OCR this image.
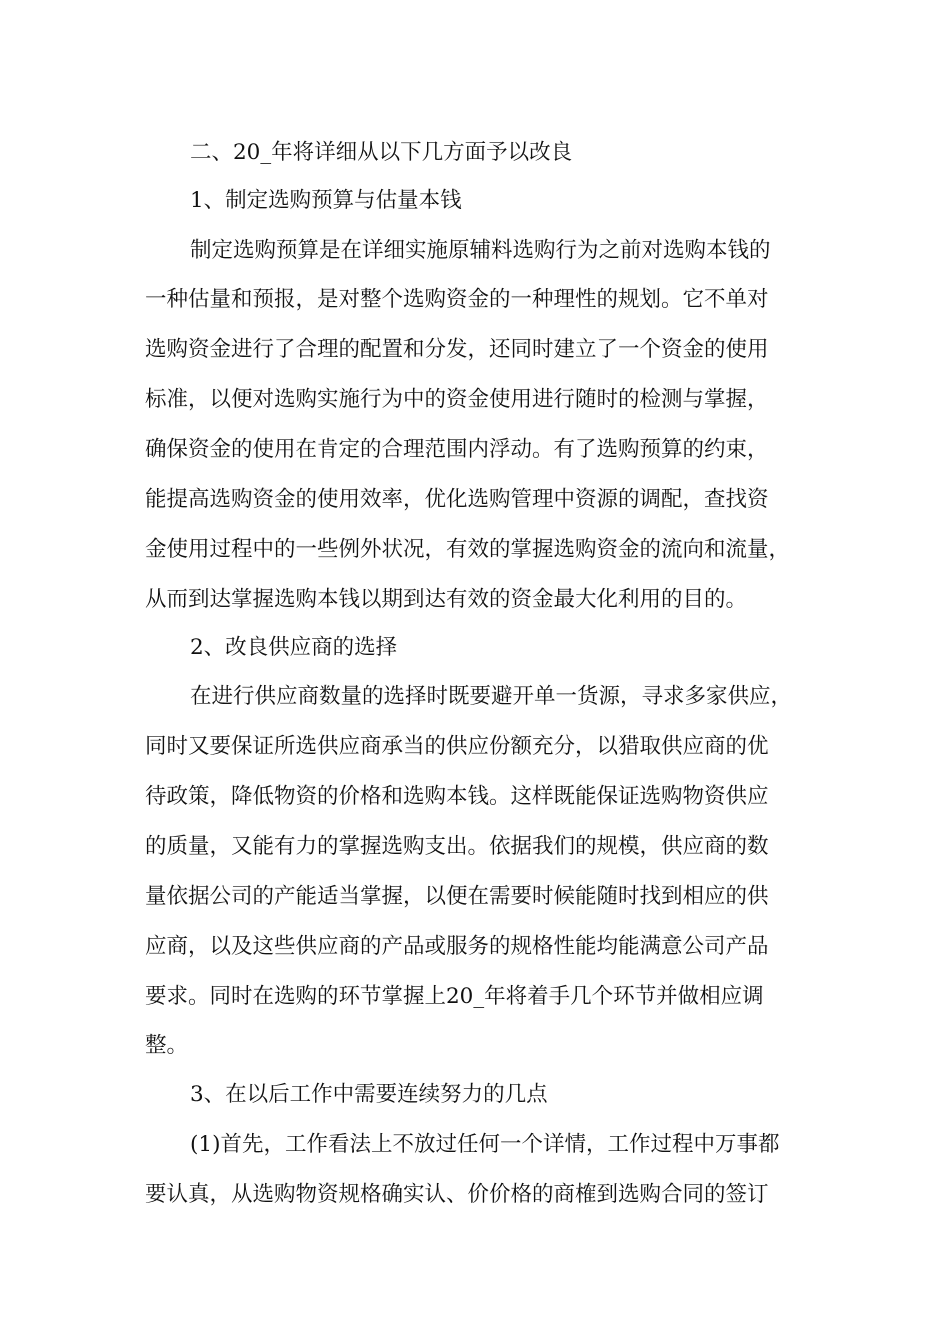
二、20_年将详细从以下几方面予以改良
1、制定选购预算与估量本钱
制定选购预算是在详细实施原辅料选购行为之前对选购本钱的
一种估量和预报，是对整个选购资金的一种理性的规划。它不单对
选购资金进行了合理的配置和分发，还同时建立了一个资金的使用
标准，以便对选购实施行为中的资金使用进行随时的检测与掌握，
确保资金的使用在肯定的合理范围内浮动。有了选购预算的约束，
能提高选购资金的使用效率，优化选购管理中资源的调配，查找资
金使用过程中的一些例外状况，有效的掌握选购资金的流向和流量，
从而到达掌握选购本钱以期到达有效的资金最大化利用的目的。
2、改良供应商的选择
在进行供应商数量的选择时既要避开单一货源，寻求多家供应，
同时又要保证所选供应商承当的供应份额充分，以猎取供应商的优
待政策，降低物资的价格和选购本钱。这样既能保证选购物资供应
的质量，又能有力的掌握选购支出。依据我们的规模，供应商的数
量依据公司的产能适当掌握，以便在需要时候能随时找到相应的供
应商，以及这些供应商的产品或服务的规格性能均能满意公司产品
要求。同时在选购的环节掌握上20_年将着手几个环节并做相应调
整。
3、在以后工作中需要连续努力的几点
(1)首先，工作看法上不放过任何一个详情，工作过程中万事都
要认真，从选购物资规格确实认、价价格的商榷到选购合同的签订
